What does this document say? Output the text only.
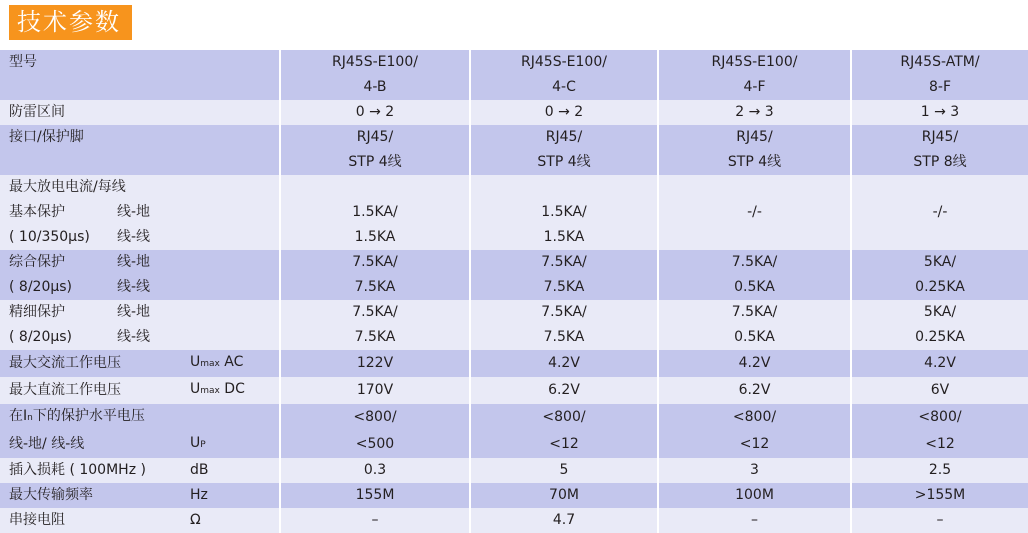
技术参数
型号		RJ45S-E100/	RJ45S-E100/	RJ45S-E100/	RJ45S-ATM/
		4-B	4-C	4-F	8-F
防雷区间		0 → 2	0 → 2	2 → 3	1 → 3
接口/保护脚		RJ45/	RJ45/	RJ45/	RJ45/
		STP 4线	STP 4线	STP 4线	STP 8线
最大放电电流/每线					
基本保护 线-地		1.5KA/	1.5KA/	-/-	-/-
( 10/350μs) 线-线		1.5KA	1.5KA		
综合保护 线-地		7.5KA/	7.5KA/	7.5KA/	5KA/
( 8/20μs) 线-线		7.5KA	7.5KA	0.5KA	0.25KA
精细保护 线-地		7.5KA/	7.5KA/	7.5KA/	5KA/
( 8/20μs) 线-线		7.5KA	7.5KA	0.5KA	0.25KA
最大交流工作电压	Umax AC	122V	4.2V	4.2V	4.2V
最大直流工作电压	Umax DC	170V	6.2V	6.2V	6V
在In下的保护水平电压		<800/	<800/	<800/	<800/
线-地/ 线-线	UP	<500	<12	<12	<12
插入损耗 ( 100MHz )	dB	0.3	5	3	2.5
最大传输频率	Hz	155M	70M	100M	>155M
串接电阻	Ω	–	4.7	–	–
